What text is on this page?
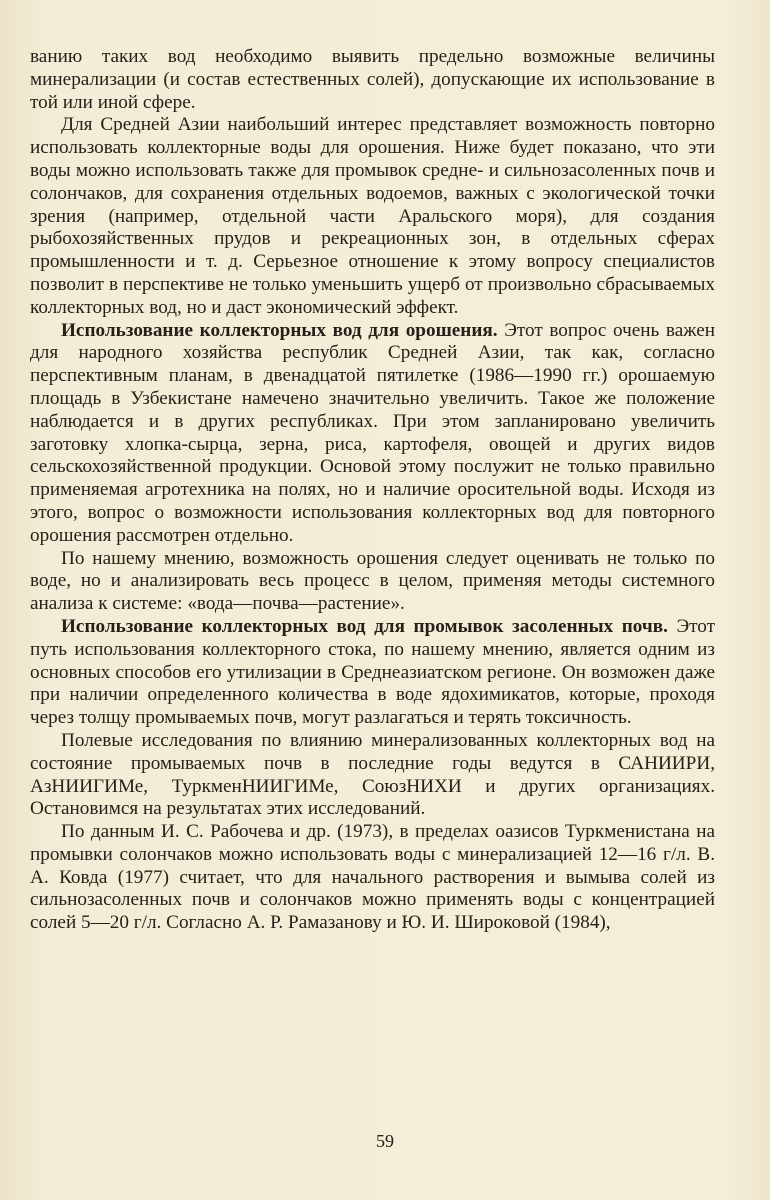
ванию таких вод необходимо выявить предельно возможные величины минерализации (и состав естественных солей), допускающие их использование в той или иной сфере.

Для Средней Азии наибольший интерес представляет возможность повторно использовать коллекторные воды для орошения. Ниже будет показано, что эти воды можно использовать также для промывок средне- и сильнозасоленных почв и солончаков, для сохранения отдельных водоемов, важных с экологической точки зрения (например, отдельной части Аральского моря), для создания рыбохозяйственных прудов и рекреационных зон, в отдельных сферах промышленности и т. д. Серьезное отношение к этому вопросу специалистов позволит в перспективе не только уменьшить ущерб от произвольно сбрасываемых коллекторных вод, но и даст экономический эффект.

Использование коллекторных вод для орошения. Этот вопрос очень важен для народного хозяйства республик Средней Азии, так как, согласно перспективным планам, в двенадцатой пятилетке (1986—1990 гг.) орошаемую площадь в Узбекистане намечено значительно увеличить. Такое же положение наблюдается и в других республиках. При этом запланировано увеличить заготовку хлопка-сырца, зерна, риса, картофеля, овощей и других видов сельскохозяйственной продукции. Основой этому послужит не только правильно применяемая агротехника на полях, но и наличие оросительной воды. Исходя из этого, вопрос о возможности использования коллекторных вод для повторного орошения рассмотрен отдельно.

По нашему мнению, возможность орошения следует оценивать не только по воде, но и анализировать весь процесс в целом, применяя методы системного анализа к системе: «вода—почва—растение».

Использование коллекторных вод для промывок засоленных почв. Этот путь использования коллекторного стока, по нашему мнению, является одним из основных способов его утилизации в Среднеазиатском регионе. Он возможен даже при наличии определенного количества в воде ядохимикатов, которые, проходя через толщу промываемых почв, могут разлагаться и терять токсичность.

Полевые исследования по влиянию минерализованных коллекторных вод на состояние промываемых почв в последние годы ведутся в САНИИРИ, АзНИИГИМе, ТуркменНИИГИМе, СоюзНИХИ и других организациях. Остановимся на результатах этих исследований.

По данным И. С. Рабочева и др. (1973), в пределах оазисов Туркменистана на промывки солончаков можно использовать воды с минерализацией 12—16 г/л. В. А. Ковда (1977) считает, что для начального растворения и вымыва солей из сильнозасоленных почв и солончаков можно применять воды с концентрацией солей 5—20 г/л. Согласно А. Р. Рамазанову и Ю. И. Широковой (1984),

59
